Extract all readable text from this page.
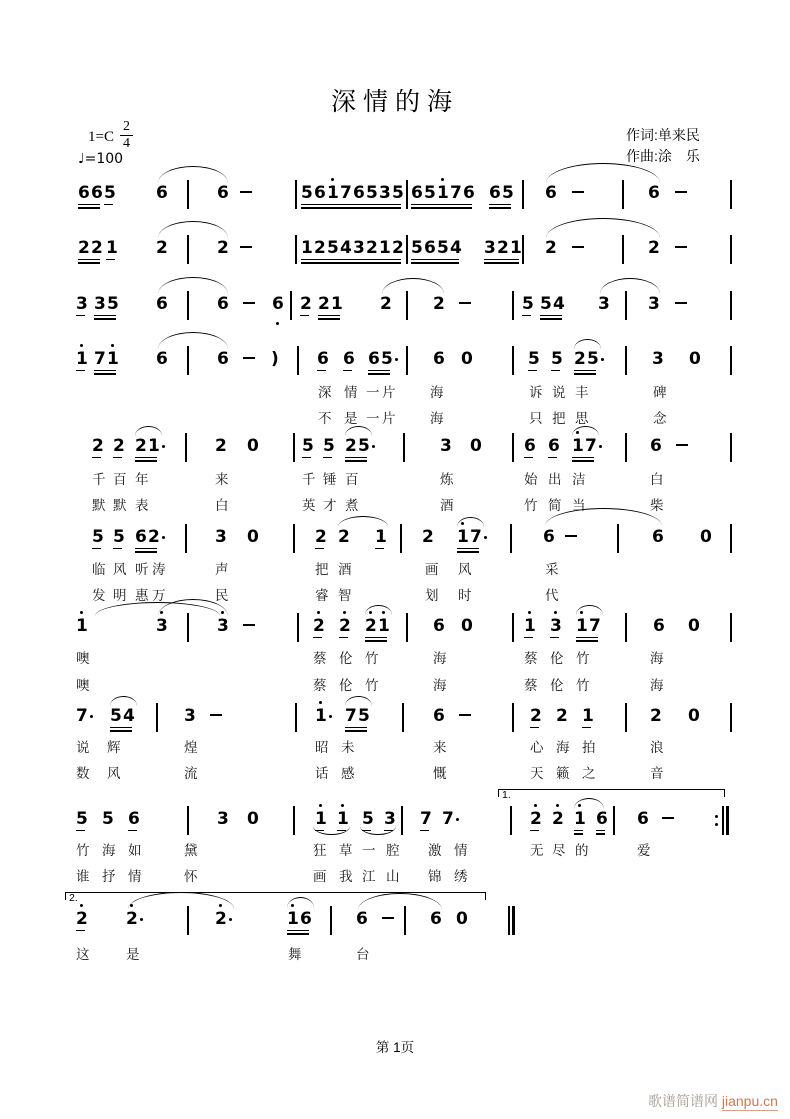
深情的海
$1=C \frac{2}{4}$
♩=100
作词:单来民
作曲:涂　乐
66 5 6	6	56176535 65176 65 6	6
22 1 2	2	12543212 5654 321 2	2
3 35 6	6	6 2 21 2 2	5 54 3 3
1 71 6	6 )	6 6 65 6 0	5 5 25	3 0
2 2 21	2 0	5 5 25	3 0 6 6 17	6
5 5 62	3 0	2 2 1 2 17	6	6 0
1	3	3	2 2 21	6 0	1 3 17	6 0
7 54	3	1 75	6	2 2 1	2 0
5 5 6	3 0	1 1 5 3 7 7	2 2 1 6 6
2 2	2	16	6	6 0
1.
2.
深 情 一 片	海	诉 说 丰	碑
不 是 一 片	海	只 把 思	念
千 百 年	来	千 锤 百	炼	始 出 洁	白
默 默 表	白	英 才 煮	酒	竹 简 当	柴
临 风 听 涛	声	把 酒	画 风	采
发 明 惠 万	民	睿 智	划 时	代
噢	蔡 伦 竹	海	蔡 伦 竹	海
噢	蔡 伦 竹	海	蔡 伦 竹	海
说 辉	煌	昭 未	来	心 海 拍	浪
数 风	流	话 感	慨	天 籁 之	音
竹 海 如	黛	狂 草 一 腔 激 情	无 尽 的	爱
谁 抒 情	怀	画 我 江 山 锦 绣
这	是	舞	台
第 1页
歌谱简谱网 jianpu.cn
